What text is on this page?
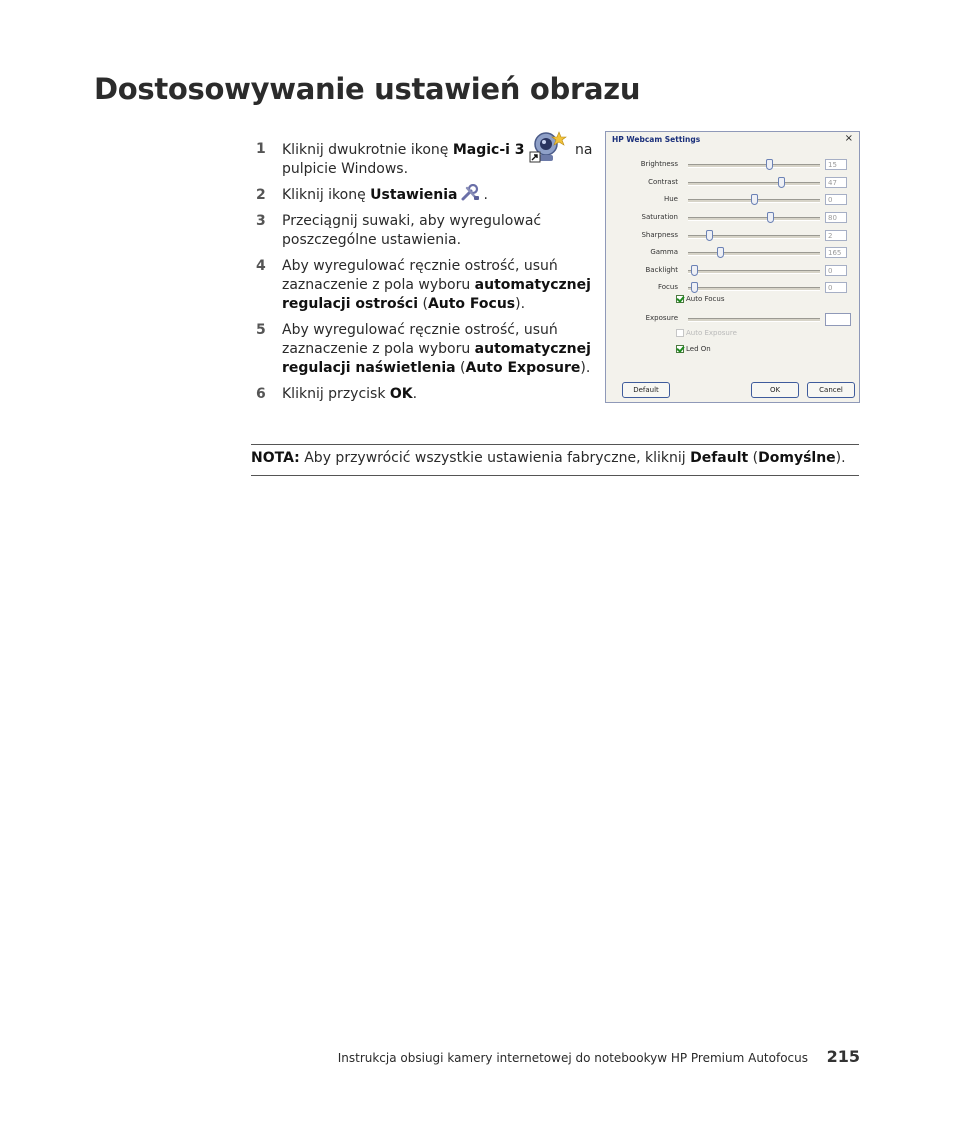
Dostosowywanie ustawień obrazu
1 Kliknij dwukrotnie ikonę Magic-i 3	na pulpicie Windows.
2 Kliknij ikonę Ustawienia .
3 Przeciągnij suwaki, aby wyregulować poszczególne ustawienia.
4 Aby wyregulować ręcznie ostrość, usuń zaznaczenie z pola wyboru automatycznej regulacji ostrości (Auto Focus).
5 Aby wyregulować ręcznie ostrość, usuń zaznaczenie z pola wyboru automatycznej regulacji naświetlenia (Auto Exposure).
6 Kliknij przycisk OK.
HP Webcam Settings	×
Brightness	15
Contrast	47
Hue	0
Saturation	80
Sharpness	2
Gamma	165
Backlight	0
Focus	0
Auto Focus
Exposure
Auto Exposure
Led On
Default	OK	Cancel
NOTA: Aby przywrócić wszystkie ustawienia fabryczne, kliknij Default (Domyślne).
Instrukcja obsiugi kamery internetowej do notebookyw HP Premium Autofocus 215
